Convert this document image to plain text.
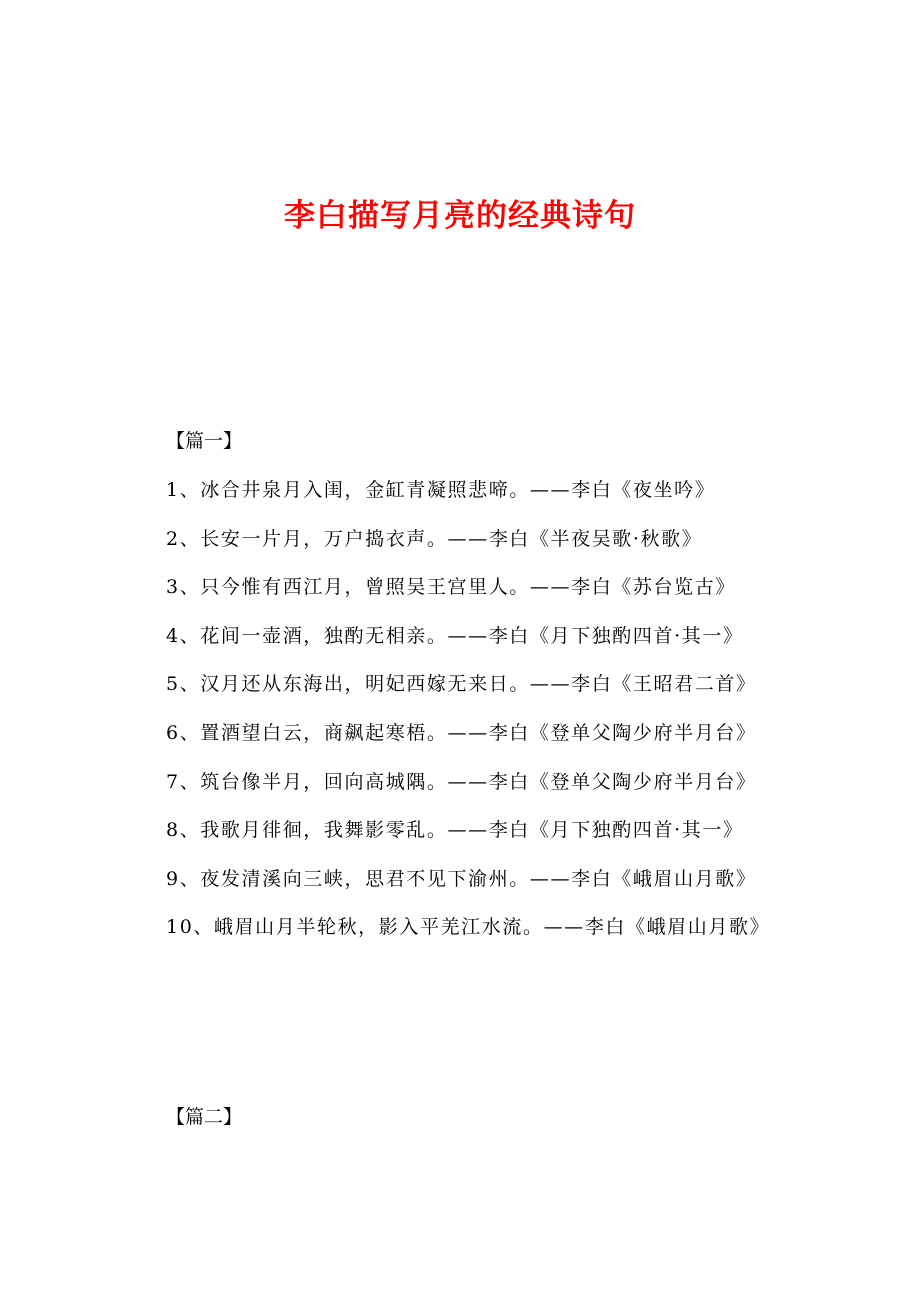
李白描写月亮的经典诗句
【篇一】
1、冰合井泉月入闺，金缸青凝照悲啼。——李白《夜坐吟》
2、长安一片月，万户捣衣声。——李白《半夜吴歌·秋歌》
3、只今惟有西江月，曾照吴王宫里人。——李白《苏台览古》
4、花间一壶酒，独酌无相亲。——李白《月下独酌四首·其一》
5、汉月还从东海出，明妃西嫁无来日。——李白《王昭君二首》
6、置酒望白云，商飙起寒梧。——李白《登单父陶少府半月台》
7、筑台像半月，回向高城隅。——李白《登单父陶少府半月台》
8、我歌月徘徊，我舞影零乱。——李白《月下独酌四首·其一》
9、夜发清溪向三峡，思君不见下渝州。——李白《峨眉山月歌》
10、峨眉山月半轮秋，影入平羌江水流。——李白《峨眉山月歌》
【篇二】
